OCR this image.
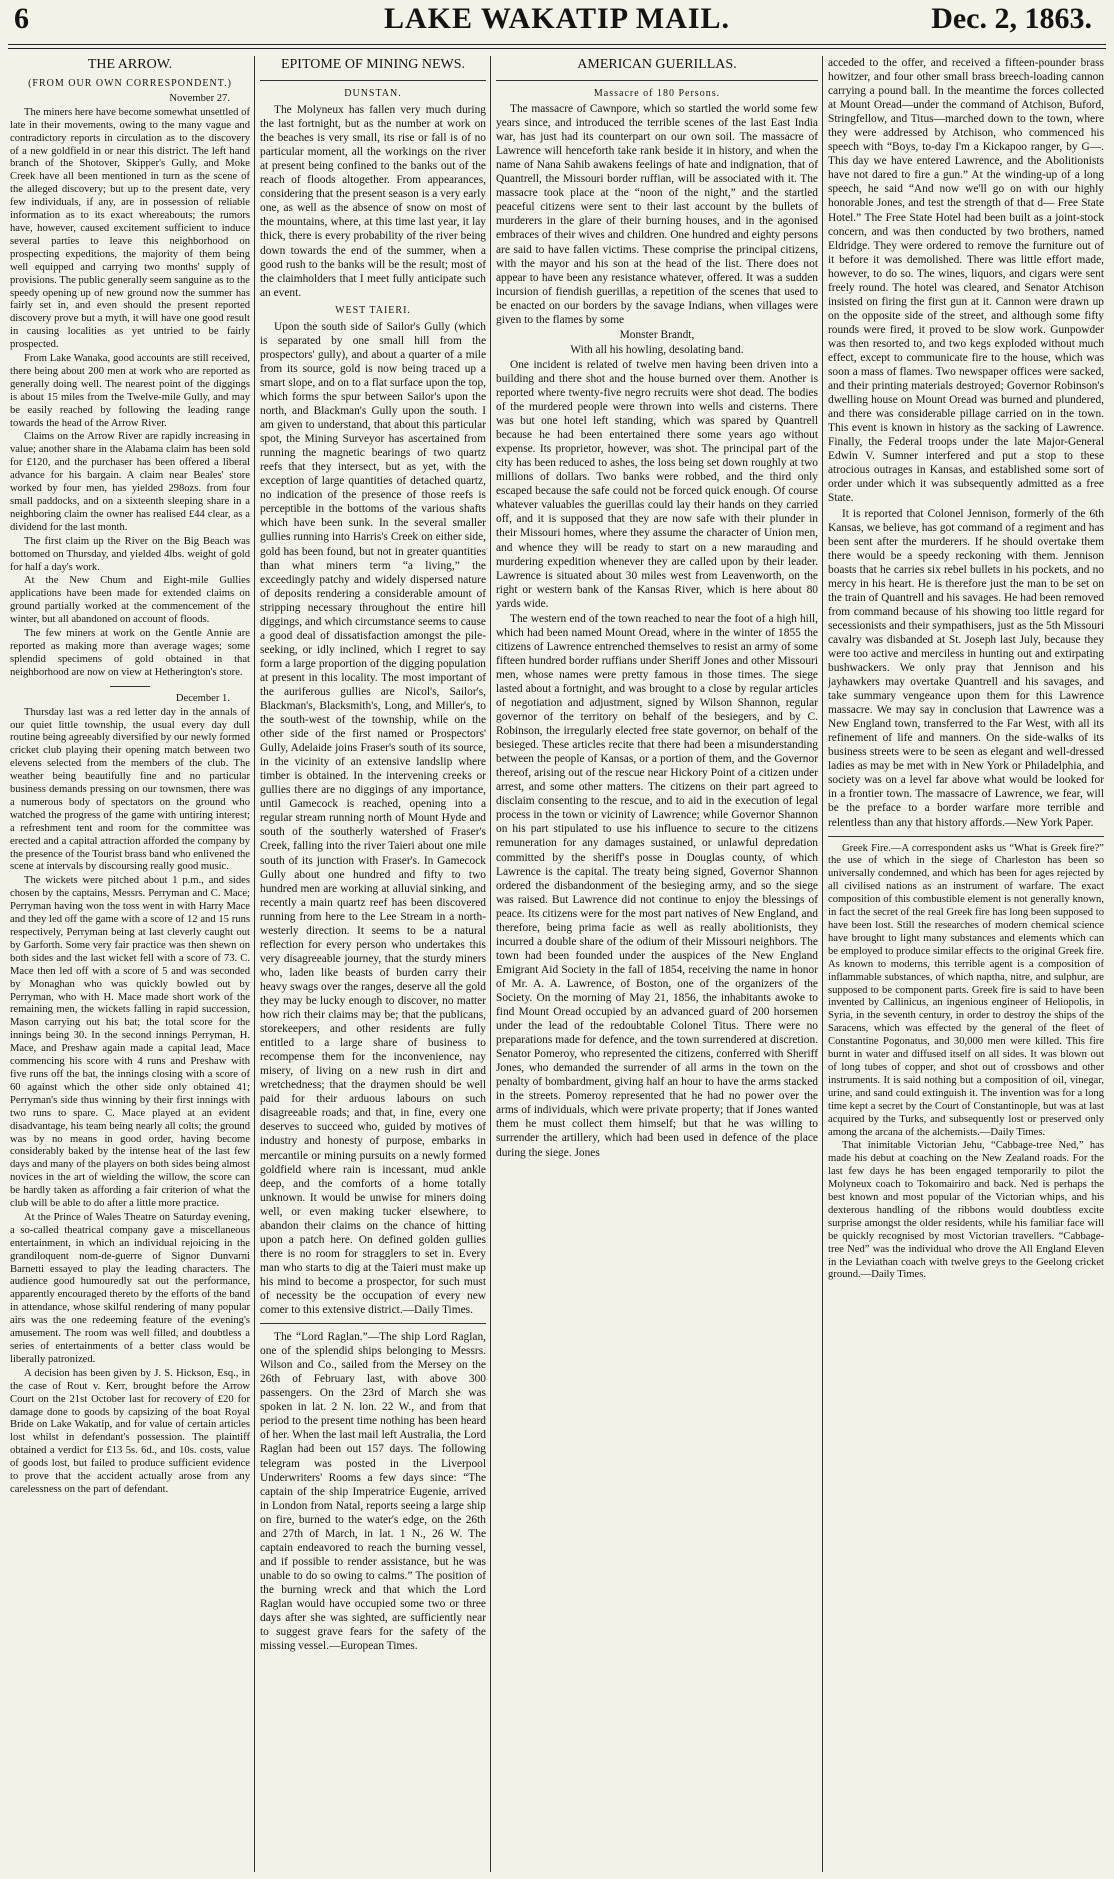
6	LAKE WAKATIP MAIL.	Dec. 2, 1863.

THE ARROW.

(FROM OUR OWN CORRESPONDENT.)

November 27.

The miners here have become somewhat unsettled of late in their movements, owing to the many vague and contradictory reports in circulation as to the discovery of a new goldfield in or near this district. The left hand branch of the Shotover, Skipper's Gully, and Moke Creek have all been mentioned in turn as the scene of the alleged discovery; but up to the present date, very few individuals, if any, are in possession of reliable information as to its exact whereabouts; the rumors have, however, caused excitement sufficient to induce several parties to leave this neighborhood on prospecting expeditions, the majority of them being well equipped and carrying two months' supply of provisions. The public generally seem sanguine as to the speedy opening up of new ground now the summer has fairly set in, and even should the present reported discovery prove but a myth, it will have one good result in causing localities as yet untried to be fairly prospected.

From Lake Wanaka, good accounts are still received, there being about 200 men at work who are reported as generally doing well. The nearest point of the diggings is about 15 miles from the Twelve-mile Gully, and may be easily reached by following the leading range towards the head of the Arrow River.

Claims on the Arrow River are rapidly increasing in value; another share in the Alabama claim has been sold for £120, and the purchaser has been offered a liberal advance for his bargain. A claim near Beales' store worked by four men, has yielded 298ozs. from four small paddocks, and on a sixteenth sleeping share in a neighboring claim the owner has realised £44 clear, as a dividend for the last month.

The first claim up the River on the Big Beach was bottomed on Thursday, and yielded 4lbs. weight of gold for half a day's work.

At the New Chum and Eight-mile Gullies applications have been made for extended claims on ground partially worked at the commencement of the winter, but all abandoned on account of floods.

The few miners at work on the Gentle Annie are reported as making more than average wages; some splendid specimens of gold obtained in that neighborhood are now on view at Hetherington's store.

December 1.

Thursday last was a red letter day in the annals of our quiet little township, the usual every day dull routine being agreeably diversified by our newly formed cricket club playing their opening match between two elevens selected from the members of the club. The weather being beautifully fine and no particular business demands pressing on our townsmen, there was a numerous body of spectators on the ground who watched the progress of the game with untiring interest; a refreshment tent and room for the committee was erected and a capital attraction afforded the company by the presence of the Tourist brass band who enlivened the scene at intervals by discoursing really good music.

The wickets were pitched about 1 p.m., and sides chosen by the captains, Messrs. Perryman and C. Mace; Perryman having won the toss went in with Harry Mace and they led off the game with a score of 12 and 15 runs respectively, Perryman being at last cleverly caught out by Garforth. Some very fair practice was then shewn on both sides and the last wicket fell with a score of 73. C. Mace then led off with a score of 5 and was seconded by Monaghan who was quickly bowled out by Perryman, who with H. Mace made short work of the remaining men, the wickets falling in rapid succession, Mason carrying out his bat; the total score for the innings being 30. In the second innings Perryman, H. Mace, and Preshaw again made a capital lead, Mace commencing his score with 4 runs and Preshaw with five runs off the bat, the innings closing with a score of 60 against which the other side only obtained 41; Perryman's side thus winning by their first innings with two runs to spare. C. Mace played at an evident disadvantage, his team being nearly all colts; the ground was by no means in good order, having become considerably baked by the intense heat of the last few days and many of the players on both sides being almost novices in the art of wielding the willow, the score can be hardly taken as affording a fair criterion of what the club will be able to do after a little more practice.

At the Prince of Wales Theatre on Saturday evening, a so-called theatrical company gave a miscellaneous entertainment, in which an individual rejoicing in the grandiloquent nom-de-guerre of Signor Dunvarni Barnetti essayed to play the leading characters. The audience good humouredly sat out the performance, apparently encouraged thereto by the efforts of the band in attendance, whose skilful rendering of many popular airs was the one redeeming feature of the evening's amusement. The room was well filled, and doubtless a series of entertainments of a better class would be liberally patronized.

A decision has been given by J. S. Hickson, Esq., in the case of Rout v. Kerr, brought before the Arrow Court on the 21st October last for recovery of £20 for damage done to goods by capsizing of the boat Royal Bride on Lake Wakatip, and for value of certain articles lost whilst in defendant's possession. The plaintiff obtained a verdict for £13 5s. 6d., and 10s. costs, value of goods lost, but failed to produce sufficient evidence to prove that the accident actually arose from any carelessness on the part of defendant.

EPITOME OF MINING NEWS.

DUNSTAN.

The Molyneux has fallen very much during the last fortnight, but as the number at work on the beaches is very small, its rise or fall is of no particular moment, all the workings on the river at present being confined to the banks out of the reach of floods altogether. From appearances, considering that the present season is a very early one, as well as the absence of snow on most of the mountains, where, at this time last year, it lay thick, there is every probability of the river being down towards the end of the summer, when a good rush to the banks will be the result; most of the claimholders that I meet fully anticipate such an event.

WEST TAIERI.

Upon the south side of Sailor's Gully (which is separated by one small hill from the prospectors' gully), and about a quarter of a mile from its source, gold is now being traced up a smart slope, and on to a flat surface upon the top, which forms the spur between Sailor's upon the north, and Blackman's Gully upon the south. I am given to understand, that about this particular spot, the Mining Surveyor has ascertained from running the magnetic bearings of two quartz reefs that they intersect, but as yet, with the exception of large quantities of detached quartz, no indication of the presence of those reefs is perceptible in the bottoms of the various shafts which have been sunk. In the several smaller gullies running into Harris's Creek on either side, gold has been found, but not in greater quantities than what miners term “a living,” the exceedingly patchy and widely dispersed nature of deposits rendering a considerable amount of stripping necessary throughout the entire hill diggings, and which circumstance seems to cause a good deal of dissatisfaction amongst the pile-seeking, or idly inclined, which I regret to say form a large proportion of the digging population at present in this locality. The most important of the auriferous gullies are Nicol's, Sailor's, Blackman's, Blacksmith's, Long, and Miller's, to the south-west of the township, while on the other side of the first named or Prospectors' Gully, Adelaide joins Fraser's south of its source, in the vicinity of an extensive landslip where timber is obtained. In the intervening creeks or gullies there are no diggings of any importance, until Gamecock is reached, opening into a regular stream running north of Mount Hyde and south of the southerly watershed of Fraser's Creek, falling into the river Taieri about one mile south of its junction with Fraser's. In Gamecock Gully about one hundred and fifty to two hundred men are working at alluvial sinking, and recently a main quartz reef has been discovered running from here to the Lee Stream in a north-westerly direction. It seems to be a natural reflection for every person who undertakes this very disagreeable journey, that the sturdy miners who, laden like beasts of burden carry their heavy swags over the ranges, deserve all the gold they may be lucky enough to discover, no matter how rich their claims may be; that the publicans, storekeepers, and other residents are fully entitled to a large share of business to recompense them for the inconvenience, nay misery, of living on a new rush in dirt and wretchedness; that the draymen should be well paid for their arduous labours on such disagreeable roads; and that, in fine, every one deserves to succeed who, guided by motives of industry and honesty of purpose, embarks in mercantile or mining pursuits on a newly formed goldfield where rain is incessant, mud ankle deep, and the comforts of a home totally unknown. It would be unwise for miners doing well, or even making tucker elsewhere, to abandon their claims on the chance of hitting upon a patch here. On defined golden gullies there is no room for stragglers to set in. Every man who starts to dig at the Taieri must make up his mind to become a prospector, for such must of necessity be the occupation of every new comer to this extensive district.—Daily Times.

The “Lord Raglan.”—The ship Lord Raglan, one of the splendid ships belonging to Messrs. Wilson and Co., sailed from the Mersey on the 26th of February last, with above 300 passengers. On the 23rd of March she was spoken in lat. 2 N. lon. 22 W., and from that period to the present time nothing has been heard of her. When the last mail left Australia, the Lord Raglan had been out 157 days. The following telegram was posted in the Liverpool Underwriters' Rooms a few days since: “The captain of the ship Imperatrice Eugenie, arrived in London from Natal, reports seeing a large ship on fire, burned to the water's edge, on the 26th and 27th of March, in lat. 1 N., 26 W. The captain endeavored to reach the burning vessel, and if possible to render assistance, but he was unable to do so owing to calms.” The position of the burning wreck and that which the Lord Raglan would have occupied some two or three days after she was sighted, are sufficiently near to suggest grave fears for the safety of the missing vessel.—European Times.

AMERICAN GUERILLAS.

Massacre of 180 Persons.

The massacre of Cawnpore, which so startled the world some few years since, and introduced the terrible scenes of the last East India war, has just had its counterpart on our own soil. The massacre of Lawrence will henceforth take rank beside it in history, and when the name of Nana Sahib awakens feelings of hate and indignation, that of Quantrell, the Missouri border ruffian, will be associated with it. The massacre took place at the “noon of the night,” and the startled peaceful citizens were sent to their last account by the bullets of murderers in the glare of their burning houses, and in the agonised embraces of their wives and children. One hundred and eighty persons are said to have fallen victims. These comprise the principal citizens, with the mayor and his son at the head of the list. There does not appear to have been any resistance whatever, offered. It was a sudden incursion of fiendish guerillas, a repetition of the scenes that used to be enacted on our borders by the savage Indians, when villages were given to the flames by some

Monster Brandt,

With all his howling, desolating band.

One incident is related of twelve men having been driven into a building and there shot and the house burned over them. Another is reported where twenty-five negro recruits were shot dead. The bodies of the murdered people were thrown into wells and cisterns. There was but one hotel left standing, which was spared by Quantrell because he had been entertained there some years ago without expense. Its proprietor, however, was shot. The principal part of the city has been reduced to ashes, the loss being set down roughly at two millions of dollars. Two banks were robbed, and the third only escaped because the safe could not be forced quick enough. Of course whatever valuables the guerillas could lay their hands on they carried off, and it is supposed that they are now safe with their plunder in their Missouri homes, where they assume the character of Union men, and whence they will be ready to start on a new marauding and murdering expedition whenever they are called upon by their leader. Lawrence is situated about 30 miles west from Leavenworth, on the right or western bank of the Kansas River, which is here about 80 yards wide.

The western end of the town reached to near the foot of a high hill, which had been named Mount Oread, where in the winter of 1855 the citizens of Lawrence entrenched themselves to resist an army of some fifteen hundred border ruffians under Sheriff Jones and other Missouri men, whose names were pretty famous in those times. The siege lasted about a fortnight, and was brought to a close by regular articles of negotiation and adjustment, signed by Wilson Shannon, regular governor of the territory on behalf of the besiegers, and by C. Robinson, the irregularly elected free state governor, on behalf of the besieged. These articles recite that there had been a misunderstanding between the people of Kansas, or a portion of them, and the Governor thereof, arising out of the rescue near Hickory Point of a citizen under arrest, and some other matters. The citizens on their part agreed to disclaim consenting to the rescue, and to aid in the execution of legal process in the town or vicinity of Lawrence; while Governor Shannon on his part stipulated to use his influence to secure to the citizens remuneration for any damages sustained, or unlawful depredation committed by the sheriff's posse in Douglas county, of which Lawrence is the capital. The treaty being signed, Governor Shannon ordered the disbandonment of the besieging army, and so the siege was raised. But Lawrence did not continue to enjoy the blessings of peace. Its citizens were for the most part natives of New England, and therefore, being prima facie as well as really abolitionists, they incurred a double share of the odium of their Missouri neighbors. The town had been founded under the auspices of the New England Emigrant Aid Society in the fall of 1854, receiving the name in honor of Mr. A. A. Lawrence, of Boston, one of the organizers of the Society. On the morning of May 21, 1856, the inhabitants awoke to find Mount Oread occupied by an advanced guard of 200 horsemen under the lead of the redoubtable Colonel Titus. There were no preparations made for defence, and the town surrendered at discretion. Senator Pomeroy, who represented the citizens, conferred with Sheriff Jones, who demanded the surrender of all arms in the town on the penalty of bombardment, giving half an hour to have the arms stacked in the streets. Pomeroy represented that he had no power over the arms of individuals, which were private property; that if Jones wanted them he must collect them himself; but that he was willing to surrender the artillery, which had been used in defence of the place during the siege. Jones

acceded to the offer, and received a fifteen-pounder brass howitzer, and four other small brass breech-loading cannon carrying a pound ball. In the meantime the forces collected at Mount Oread—under the command of Atchison, Buford, Stringfellow, and Titus—marched down to the town, where they were addressed by Atchison, who commenced his speech with “Boys, to-day I'm a Kickapoo ranger, by G—. This day we have entered Lawrence, and the Abolitionists have not dared to fire a gun.” At the winding-up of a long speech, he said “And now we'll go on with our highly honorable Jones, and test the strength of that d— Free State Hotel.” The Free State Hotel had been built as a joint-stock concern, and was then conducted by two brothers, named Eldridge. They were ordered to remove the furniture out of it before it was demolished. There was little effort made, however, to do so. The wines, liquors, and cigars were sent freely round. The hotel was cleared, and Senator Atchison insisted on firing the first gun at it. Cannon were drawn up on the opposite side of the street, and although some fifty rounds were fired, it proved to be slow work. Gunpowder was then resorted to, and two kegs exploded without much effect, except to communicate fire to the house, which was soon a mass of flames. Two newspaper offices were sacked, and their printing materials destroyed; Governor Robinson's dwelling house on Mount Oread was burned and plundered, and there was considerable pillage carried on in the town. This event is known in history as the sacking of Lawrence. Finally, the Federal troops under the late Major-General Edwin V. Sumner interfered and put a stop to these atrocious outrages in Kansas, and established some sort of order under which it was subsequently admitted as a free State.

It is reported that Colonel Jennison, formerly of the 6th Kansas, we believe, has got command of a regiment and has been sent after the murderers. If he should overtake them there would be a speedy reckoning with them. Jennison boasts that he carries six rebel bullets in his pockets, and no mercy in his heart. He is therefore just the man to be set on the train of Quantrell and his savages. He had been removed from command because of his showing too little regard for secessionists and their sympathisers, just as the 5th Missouri cavalry was disbanded at St. Joseph last July, because they were too active and merciless in hunting out and extirpating bushwackers. We only pray that Jennison and his jayhawkers may overtake Quantrell and his savages, and take summary vengeance upon them for this Lawrence massacre. We may say in conclusion that Lawrence was a New England town, transferred to the Far West, with all its refinement of life and manners. On the side-walks of its business streets were to be seen as elegant and well-dressed ladies as may be met with in New York or Philadelphia, and society was on a level far above what would be looked for in a frontier town. The massacre of Lawrence, we fear, will be the preface to a border warfare more terrible and relentless than any that history affords.—New York Paper.

Greek Fire.—A correspondent asks us “What is Greek fire?” the use of which in the siege of Charleston has been so universally condemned, and which has been for ages rejected by all civilised nations as an instrument of warfare. The exact composition of this combustible element is not generally known, in fact the secret of the real Greek fire has long been supposed to have been lost. Still the researches of modern chemical science have brought to light many substances and elements which can be employed to produce similar effects to the original Greek fire. As known to moderns, this terrible agent is a composition of inflammable substances, of which naptha, nitre, and sulphur, are supposed to be component parts. Greek fire is said to have been invented by Callinicus, an ingenious engineer of Heliopolis, in Syria, in the seventh century, in order to destroy the ships of the Saracens, which was effected by the general of the fleet of Constantine Pogonatus, and 30,000 men were killed. This fire burnt in water and diffused itself on all sides. It was blown out of long tubes of copper, and shot out of crossbows and other instruments. It is said nothing but a composition of oil, vinegar, urine, and sand could extinguish it. The invention was for a long time kept a secret by the Court of Constantinople, but was at last acquired by the Turks, and subsequently lost or preserved only among the arcana of the alchemists.—Daily Times.

That inimitable Victorian Jehu, “Cabbage-tree Ned,” has made his debut at coaching on the New Zealand roads. For the last few days he has been engaged temporarily to pilot the Molyneux coach to Tokomairiro and back. Ned is perhaps the best known and most popular of the Victorian whips, and his dexterous handling of the ribbons would doubtless excite surprise amongst the older residents, while his familiar face will be quickly recognised by most Victorian travellers. “Cabbage-tree Ned” was the individual who drove the All England Eleven in the Leviathan coach with twelve greys to the Geelong cricket ground.—Daily Times.
